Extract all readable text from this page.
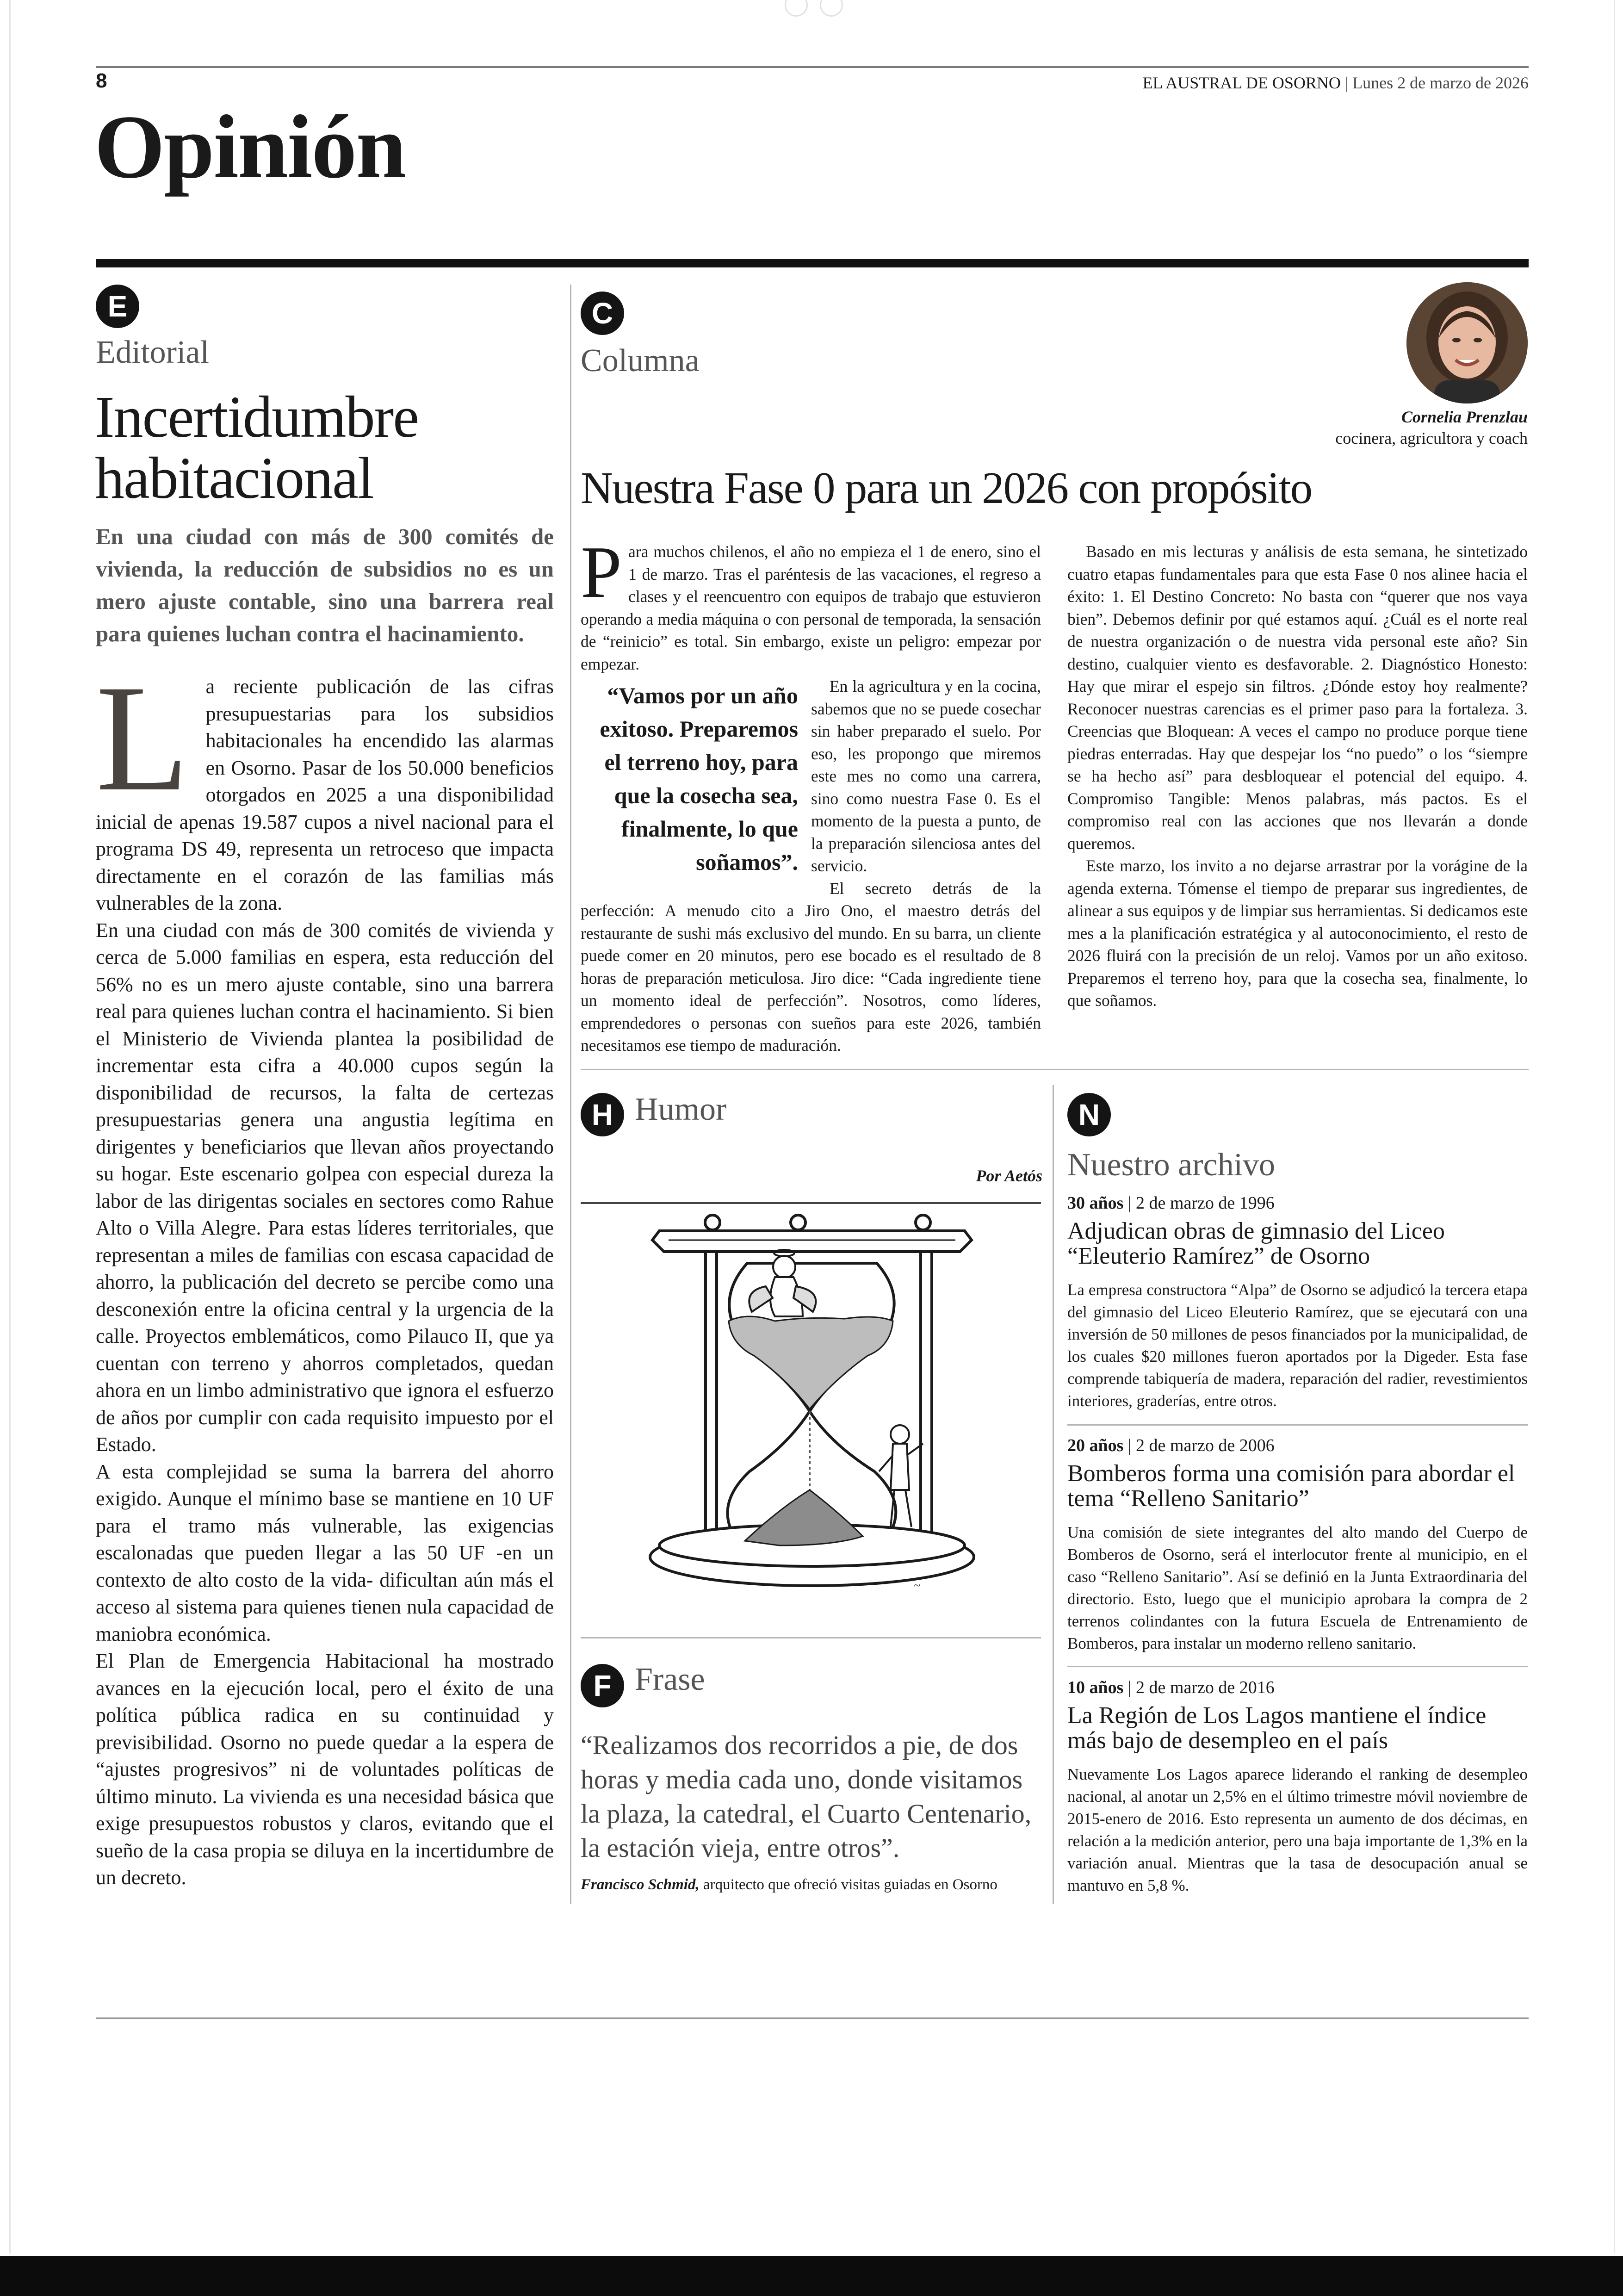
8	EL AUSTRAL DE OSORNO | Lunes 2 de marzo de 2026
Opinión
E
Editorial
Incertidumbre
habitacional
En una ciudad con más de 300 comités de vivienda, la reducción de subsidios no es un mero ajuste contable, sino una barrera real para quienes luchan contra el hacinamiento.

La reciente publicación de las cifras presupuestarias para los subsidios habitacionales ha encendido las alarmas en Osorno. Pasar de los 50.000 beneficios otorgados en 2025 a una disponibilidad inicial de apenas 19.587 cupos a nivel nacional para el programa DS 49, representa un retroceso que impacta directamente en el corazón de las familias más vulnerables de la zona.

En una ciudad con más de 300 comités de vivienda y cerca de 5.000 familias en espera, esta reducción del 56% no es un mero ajuste contable, sino una barrera real para quienes luchan contra el hacinamiento. Si bien el Ministerio de Vivienda plantea la posibilidad de incrementar esta cifra a 40.000 cupos según la disponibilidad de recursos, la falta de certezas presupuestarias genera una angustia legítima en dirigentes y beneficiarios que llevan años proyectando su hogar. Este escenario golpea con especial dureza la labor de las dirigentas sociales en sectores como Rahue Alto o Villa Alegre. Para estas líderes territoriales, que representan a miles de familias con escasa capacidad de ahorro, la publicación del decreto se percibe como una desconexión entre la oficina central y la urgencia de la calle. Proyectos emblemáticos, como Pilauco II, que ya cuentan con terreno y ahorros completados, quedan ahora en un limbo administrativo que ignora el esfuerzo de años por cumplir con cada requisito impuesto por el Estado.

A esta complejidad se suma la barrera del ahorro exigido. Aunque el mínimo base se mantiene en 10 UF para el tramo más vulnerable, las exigencias escalonadas que pueden llegar a las 50 UF -en un contexto de alto costo de la vida- dificultan aún más el acceso al sistema para quienes tienen nula capacidad de maniobra económica.

El Plan de Emergencia Habitacional ha mostrado avances en la ejecución local, pero el éxito de una política pública radica en su continuidad y previsibilidad. Osorno no puede quedar a la espera de “ajustes progresivos” ni de voluntades políticas de último minuto. La vivienda es una necesidad básica que exige presupuestos robustos y claros, evitando que el sueño de la casa propia se diluya en la incertidumbre de un decreto.

C
Columna
Cornelia Prenzlau
cocinera, agricultora y coach
Nuestra Fase 0 para un 2026 con propósito

Para muchos chilenos, el año no empieza el 1 de enero, sino el 1 de marzo. Tras el paréntesis de las vacaciones, el regreso a clases y el reencuentro con equipos de trabajo que estuvieron operando a media máquina o con personal de temporada, la sensación de “reinicio” es total. Sin embargo, existe un peligro: empezar por empezar.

“Vamos por un año exitoso. Preparemos el terreno hoy, para que la cosecha sea, finalmente, lo que soñamos”.

En la agricultura y en la cocina, sabemos que no se puede cosechar sin haber preparado el suelo. Por eso, les propongo que miremos este mes no como una carrera, sino como nuestra Fase 0. Es el momento de la puesta a punto, de la preparación silenciosa antes del servicio.

El secreto detrás de la perfección: A menudo cito a Jiro Ono, el maestro detrás del restaurante de sushi más exclusivo del mundo. En su barra, un cliente puede comer en 20 minutos, pero ese bocado es el resultado de 8 horas de preparación meticulosa. Jiro dice: “Cada ingrediente tiene un momento ideal de perfección”. Nosotros, como líderes, emprendedores o personas con sueños para este 2026, también necesitamos ese tiempo de maduración.

Basado en mis lecturas y análisis de esta semana, he sintetizado cuatro etapas fundamentales para que esta Fase 0 nos alinee hacia el éxito: 1. El Destino Concreto: No basta con “querer que nos vaya bien”. Debemos definir por qué estamos aquí. ¿Cuál es el norte real de nuestra organización o de nuestra vida personal este año? Sin destino, cualquier viento es desfavorable. 2. Diagnóstico Honesto: Hay que mirar el espejo sin filtros. ¿Dónde estoy hoy realmente? Reconocer nuestras carencias es el primer paso para la fortaleza. 3. Creencias que Bloquean: A veces el campo no produce porque tiene piedras enterradas. Hay que despejar los “no puedo” o los “siempre se ha hecho así” para desbloquear el potencial del equipo. 4. Compromiso Tangible: Menos palabras, más pactos. Es el compromiso real con las acciones que nos llevarán a donde queremos.

Este marzo, los invito a no dejarse arrastrar por la vorágine de la agenda externa. Tómense el tiempo de preparar sus ingredientes, de alinear a sus equipos y de limpiar sus herramientas. Si dedicamos este mes a la planificación estratégica y al autoconocimiento, el resto de 2026 fluirá con la precisión de un reloj. Vamos por un año exitoso. Preparemos el terreno hoy, para que la cosecha sea, finalmente, lo que soñamos.

H Humor
Por Aetós
~
F Frase
“Realizamos dos recorridos a pie, de dos horas y media cada uno, donde visitamos la plaza, la catedral, el Cuarto Centenario, la estación vieja, entre otros”.
Francisco Schmid, arquitecto que ofreció visitas guiadas en Osorno
N
Nuestro archivo
30 años | 2 de marzo de 1996
Adjudican obras de gimnasio del Liceo “Eleuterio Ramírez” de Osorno

La empresa constructora “Alpa” de Osorno se adjudicó la tercera etapa del gimnasio del Liceo Eleuterio Ramírez, que se ejecutará con una inversión de 50 millones de pesos financiados por la municipalidad, de los cuales $20 millones fueron aportados por la Digeder. Esta fase comprende tabiquería de madera, reparación del radier, revestimientos interiores, graderías, entre otros.

20 años | 2 de marzo de 2006
Bomberos forma una comisión para abordar el tema “Relleno Sanitario”

Una comisión de siete integrantes del alto mando del Cuerpo de Bomberos de Osorno, será el interlocutor frente al municipio, en el caso “Relleno Sanitario”. Así se definió en la Junta Extraordinaria del directorio. Esto, luego que el municipio aprobara la compra de 2 terrenos colindantes con la futura Escuela de Entrenamiento de Bomberos, para instalar un moderno relleno sanitario.

10 años | 2 de marzo de 2016
La Región de Los Lagos mantiene el índice más bajo de desempleo en el país

Nuevamente Los Lagos aparece liderando el ranking de desempleo nacional, al anotar un 2,5% en el último trimestre móvil noviembre de 2015-enero de 2016. Esto representa un aumento de dos décimas, en relación a la medición anterior, pero una baja importante de 1,3% en la variación anual. Mientras que la tasa de desocupación anual se mantuvo en 5,8 %.
